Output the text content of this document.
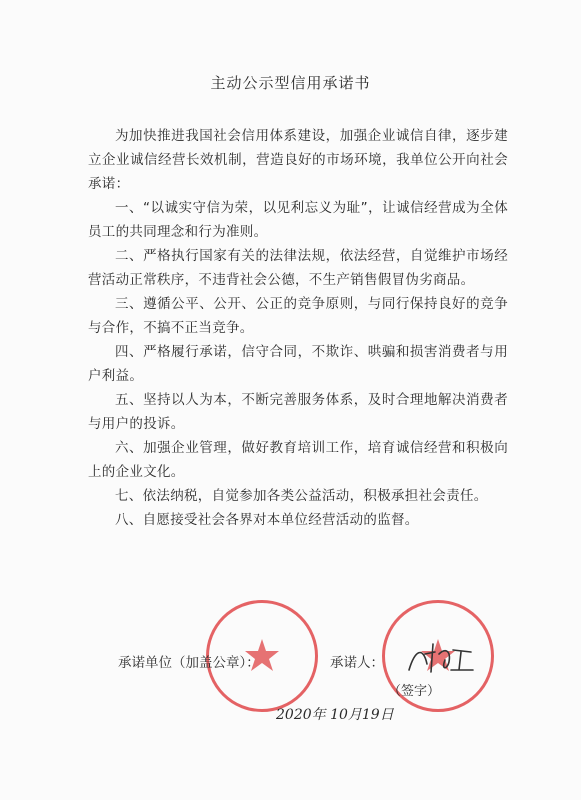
主动公示型信用承诺书

为加快推进我国社会信用体系建设，加强企业诚信自律，逐步建立企业诚信经营长效机制，营造良好的市场环境，我单位公开向社会承诺：

一、“以诚实守信为荣，以见利忘义为耻”，让诚信经营成为全体员工的共同理念和行为准则。

二、严格执行国家有关的法律法规，依法经营，自觉维护市场经营活动正常秩序，不违背社会公德，不生产销售假冒伪劣商品。

三、遵循公平、公开、公正的竞争原则，与同行保持良好的竞争与合作，不搞不正当竞争。

四、严格履行承诺，信守合同，不欺诈、哄骗和损害消费者与用户利益。

五、坚持以人为本，不断完善服务体系，及时合理地解决消费者与用户的投诉。

六、加强企业管理，做好教育培训工作，培育诚信经营和积极向上的企业文化。

七、依法纳税，自觉参加各类公益活动，积极承担社会责任。

八、自愿接受社会各界对本单位经营活动的监督。

承诺单位（加盖公章）：	承诺人：
（签字）
2020年 10月19日
